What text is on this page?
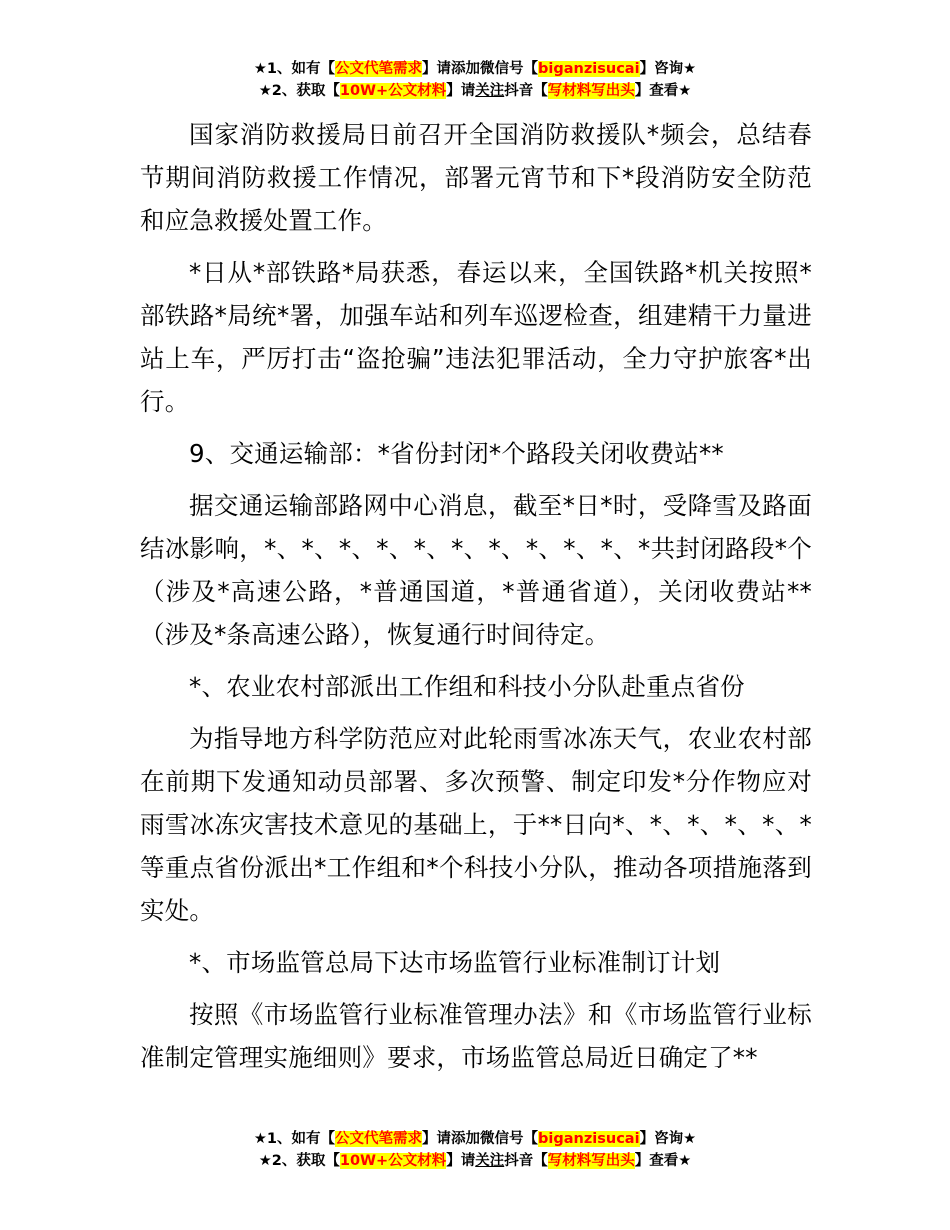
★1、如有【公文代笔需求】请添加微信号【biganzisucai】咨询★
★2、获取【10W+公文材料】请关注抖音【写材料写出头】查看★

国家消防救援局日前召开全国消防救援队*频会，总结春节期间消防救援工作情况，部署元宵节和下*段消防安全防范和应急救援处置工作。

*日从*部铁路*局获悉，春运以来，全国铁路*机关按照*部铁路*局统*署，加强车站和列车巡逻检查，组建精干力量进站上车，严厉打击“盗抢骗”违法犯罪活动，全力守护旅客*出行。

9、交通运输部：*省份封闭*个路段关闭收费站**

据交通运输部路网中心消息，截至*日*时，受降雪及路面结冰影响，*、*、*、*、*、*、*、*、*、*、*共封闭路段*个（涉及*高速公路，*普通国道，*普通省道），关闭收费站**（涉及*条高速公路），恢复通行时间待定。

*、农业农村部派出工作组和科技小分队赴重点省份

为指导地方科学防范应对此轮雨雪冰冻天气，农业农村部在前期下发通知动员部署、多次预警、制定印发*分作物应对雨雪冰冻灾害技术意见的基础上，于**日向*、*、*、*、*、*等重点省份派出*工作组和*个科技小分队，推动各项措施落到实处。

*、市场监管总局下达市场监管行业标准制订计划

按照《市场监管行业标准管理办法》和《市场监管行业标准制定管理实施细则》要求，市场监管总局近日确定了**

★1、如有【公文代笔需求】请添加微信号【biganzisucai】咨询★
★2、获取【10W+公文材料】请关注抖音【写材料写出头】查看★
